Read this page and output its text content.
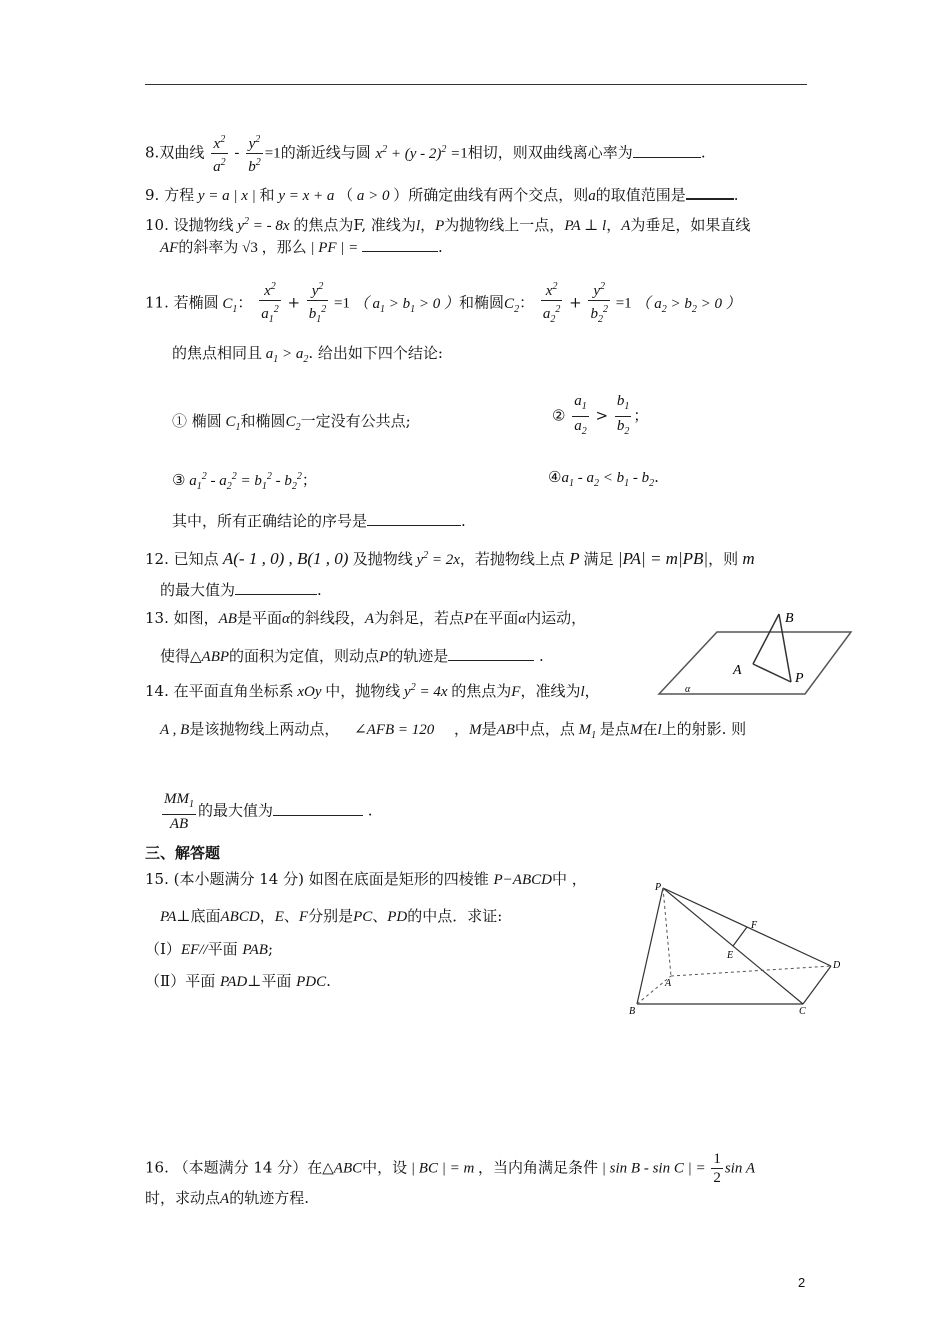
8.双曲线 $\frac{x^2}{a^2} - \frac{y^2}{b^2} =1$的渐近线与圆 $x^2 + (y - 2)^2 =1$相切，则双曲线离心率为	.
9. 方程 y = a | x | 和 y = x + a （ a > 0 ）所确定曲线有两个交点，则a的取值范围是	.
10. 设抛物线 $y^2$ = - 8x 的焦点为F, 准线为l，P为抛物线上一点，PA ⊥ l，A为垂足，如果直线
AF的斜率为 √3 ，那么 | PF | =	.
11. 若椭圆 $C_1$： $\frac{x^2}{a_1^2} + \frac{y^2}{b_1^2} =1$ （ $a_1 > b_1 > 0$ ）和椭圆$C_2$： $\frac{x^2}{a_2^2} + \frac{y^2}{b_2^2} =1$ （ $a_2 > b_2 > 0$ ）
的焦点相同且 $a_1 > a_2$. 给出如下四个结论:
① 椭圆 $C_1$和椭圆$C_2$一定没有公共点;	② $\frac{a_1}{a_2} > \frac{b_1}{b_2}$ ；
③ $a_1^2 - a_2^2 = b_1^2 - b_2^2$；	$④a_1 - a_2 < b_1 - b_2$.
其中，所有正确结论的序号是	.
12. 已知点 A(- 1 , 0) , B(1 , 0) 及抛物线 $y^2 = 2x$，若抛物线上点 P 满足 |PA| = m|PB|，则 m
的最大值为	.
13. 如图，AB是平面α的斜线段，A为斜足，若点P在平面α内运动，
使得△ABP的面积为定值，则动点P的轨迹是	.
B
A
P
α
14. 在平面直角坐标系 xOy 中，抛物线 $y^2 = 4x$ 的焦点为F，准线为l，
A , B是该抛物线上两动点， ∠AFB = 120 ，M是AB中点，点 $M_1$ 是点M在l上的射影. 则
$\frac{MM_1}{AB}$ 的最大值为	.
三、解答题
15. (本小题满分 14 分) 如图在底面是矩形的四棱锥 P−ABCD中 ，
PA⊥底面ABCD，E、F分别是PC、PD的中点．求证:
（Ⅰ）EF//平面 PAB;
（Ⅱ）平面 PAD⊥平面 PDC.
P
F
E
D
A
B	C
16. （本题满分 14 分）在△ABC中，设 | BC | = m ，当内角满足条件 | sin B - sin C | = $\frac{1}{2}$ sin A
时，求动点A的轨迹方程.
2
